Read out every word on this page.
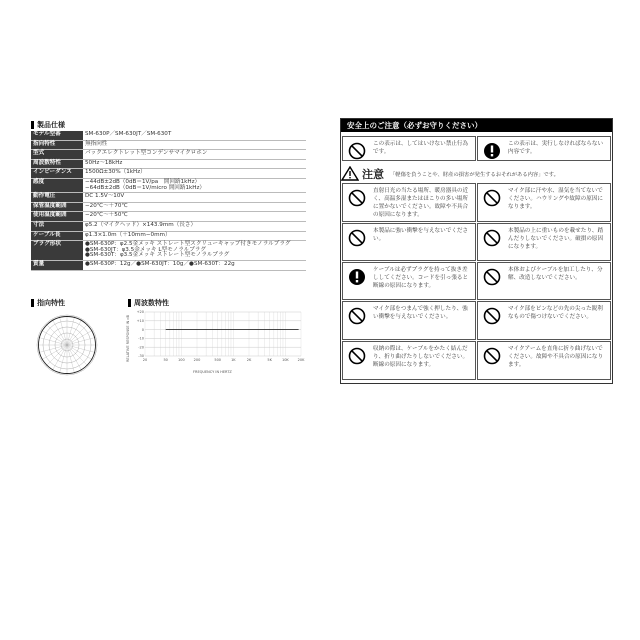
製品仕様
モデル型番	SM-630P／SM-630JT／SM-630T

指向特性	無指向性

型式	バックエレクトレット型コンデンサマイクロホン

周波数特性	50Hz〜18kHz

インピーダンス	1500Ω±30%（1kHz）

感度	−44dB±2dB（0dB＝1V/pa　開回路1kHz）
−64dB±2dB（0dB＝1V/micro 開回路1kHz）

動作電圧	DC 1.5V〜10V

保管温度範囲	−20℃〜＋70℃

使用温度範囲	−20℃〜＋50℃

寸法	φ5.2（マイクヘッド）×143.9mm（長さ）

ケーブル長	φ1.3×1.0m（＋10mm−0mm）

プラグ形状	●SM-630P：φ2.5金メッキ ストレート型スクリューキャップ付きモノラルプラグ
●SM-630JT：φ3.5金メッキ L型モノラルプラグ
●SM-630T：φ3.5金メッキ ストレート型モノラルプラグ

質量	●SM-630P：12g／●SM-630JT：10g／●SM-630T：22g
指向特性	周波数特性
+20
+10
0
-10
-20
-30
20	50	100	200	500	1K	2K	5K	10K	20K
RELATIVE RESPONSE IN dB
FREQUENCY IN HERTZ
安全上のご注意（必ずお守りください）
注意 「軽傷を負うことや、財産の損害が発生するおそれがある内容」です。
この表示は、してはいけない禁止行為です。
この表示は、実行しなければならない内容です。
直射日光の当たる場所、暖房器具の近く、高温多湿またはほこりの多い場所に置かないでください。故障や不具合の原因になります。
マイク部に汗や水、湿気を当てないでください。ハウリングや故障の原因になります。
本製品に強い衝撃を与えないでください。
本製品の上に重いものを載せたり、踏んだりしないでください。破損の原因になります。
ケーブルは必ずプラグを持って抜き差ししてください。コードを引っ張ると断線の原因になります。
本体およびケーブルを加工したり、分解、改造しないでください。
マイク部をつまんで強く押したり、強い衝撃を与えないでください。
マイク部をピンなどの先の尖った鋭利なもので傷つけないでください。
収納の際は、ケーブルをかたく結んだり、折り曲げたりしないでください。断線の原因になります。
マイクアームを直角に折り曲げないでください。故障や不具合の原因になります。
